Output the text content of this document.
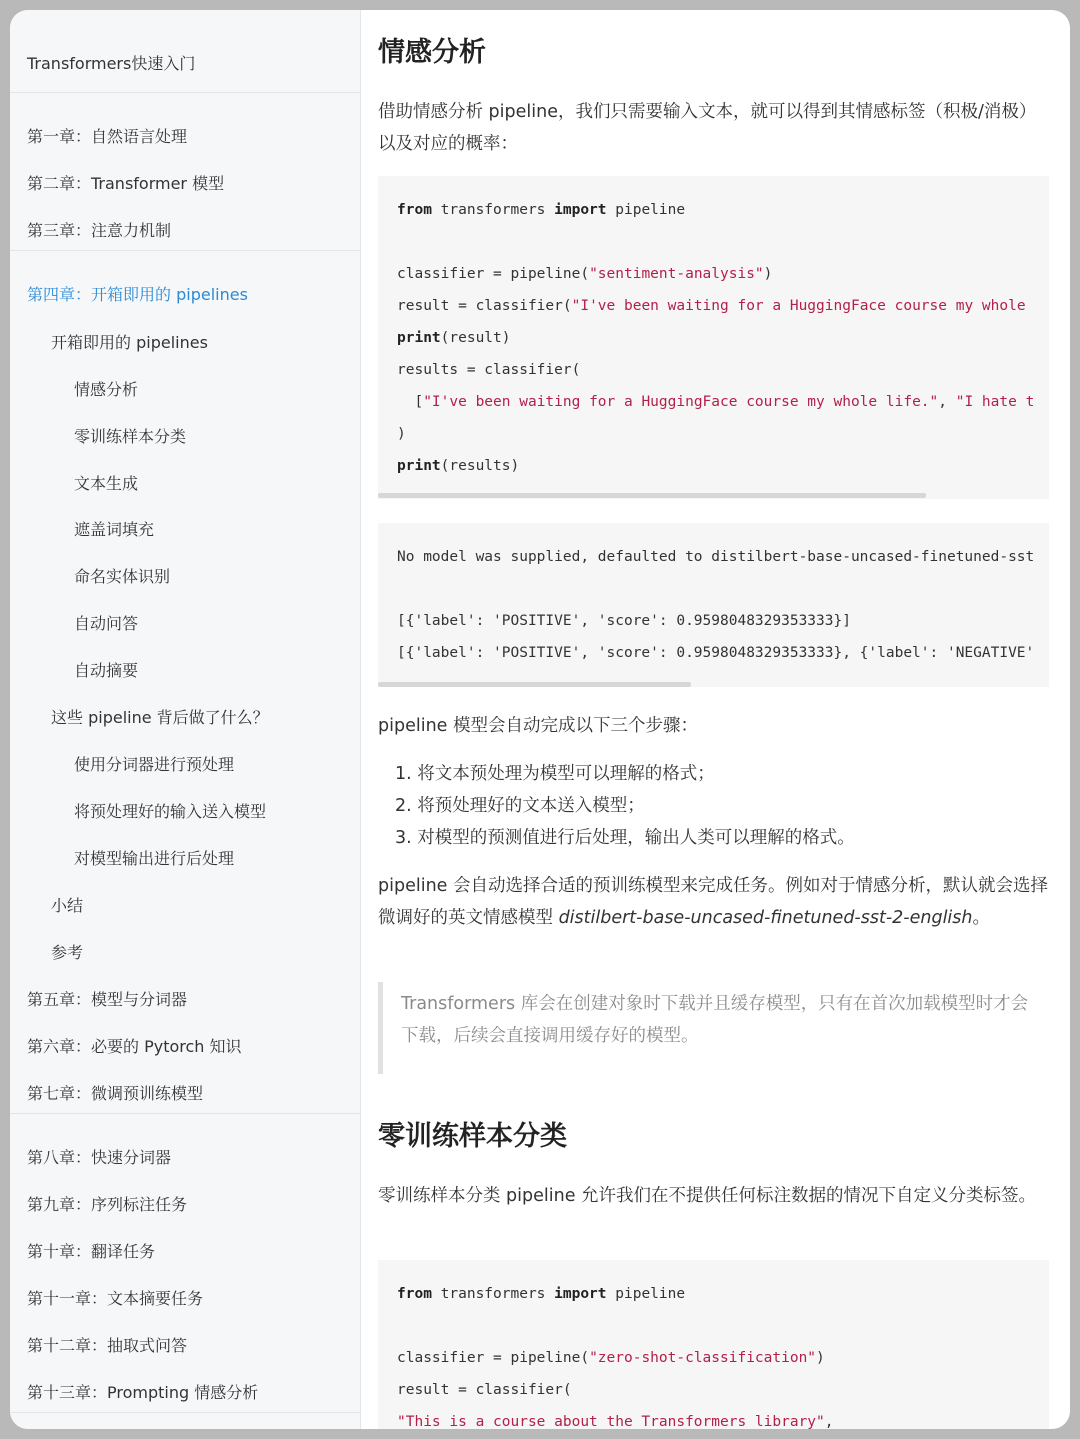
Transformers快速入门
第一章：自然语言处理
第二章：Transformer 模型
第三章：注意力机制
第四章：开箱即用的 pipelines
开箱即用的 pipelines
情感分析
零训练样本分类
文本生成
遮盖词填充
命名实体识别
自动问答
自动摘要
这些 pipeline 背后做了什么？
使用分词器进行预处理
将预处理好的输入送入模型
对模型输出进行后处理
小结
参考
第五章：模型与分词器
第六章：必要的 Pytorch 知识
第七章：微调预训练模型
第八章：快速分词器
第九章：序列标注任务
第十章：翻译任务
第十一章：文本摘要任务
第十二章：抽取式问答
第十三章：Prompting 情感分析
情感分析

借助情感分析 pipeline，我们只需要输入文本，就可以得到其情感标签（积极/消极）以及对应的概率：

from transformers import pipeline

classifier = pipeline("sentiment-analysis")
result = classifier("I've been waiting for a HuggingFace course my whole
print(result)
results = classifier(
["I've been waiting for a HuggingFace course my whole life.", "I hate t
)
print(results)
No model was supplied, defaulted to distilbert-base-uncased-finetuned-sst

[{'label': 'POSITIVE', 'score': 0.9598048329353333}]
[{'label': 'POSITIVE', 'score': 0.9598048329353333}, {'label': 'NEGATIVE'

pipeline 模型会自动完成以下三个步骤：

1. 将文本预处理为模型可以理解的格式；
2. 将预处理好的文本送入模型；
3. 对模型的预测值进行后处理，输出人类可以理解的格式。

pipeline 会自动选择合适的预训练模型来完成任务。例如对于情感分析，默认就会选择微调好的英文情感模型 distilbert-base-uncased-finetuned-sst-2-english。

Transformers 库会在创建对象时下载并且缓存模型，只有在首次加载模型时才会下载，后续会直接调用缓存好的模型。
零训练样本分类

零训练样本分类 pipeline 允许我们在不提供任何标注数据的情况下自定义分类标签。

from transformers import pipeline

classifier = pipeline("zero-shot-classification")
result = classifier(
"This is a course about the Transformers library",
